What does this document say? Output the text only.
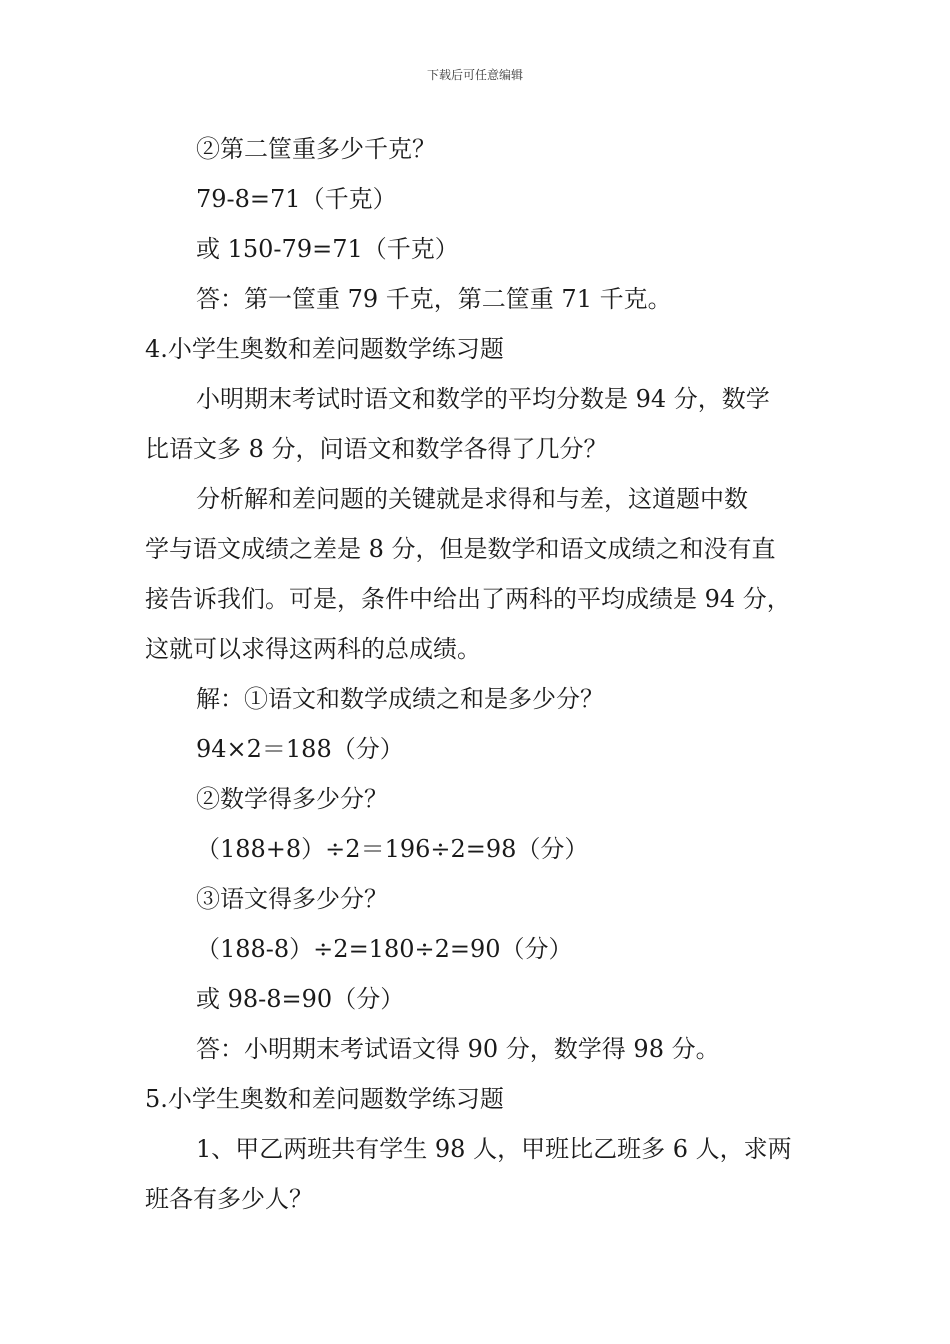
下载后可任意编辑
②第二筐重多少千克？
79-8=71（千克）
或 150-79=71（千克）
答：第一筐重 79 千克，第二筐重 71 千克。
4.小学生奥数和差问题数学练习题
小明期末考试时语文和数学的平均分数是 94 分，数学
比语文多 8 分，问语文和数学各得了几分？
分析解和差问题的关键就是求得和与差，这道题中数
学与语文成绩之差是 8 分，但是数学和语文成绩之和没有直
接告诉我们。可是，条件中给出了两科的平均成绩是 94 分，
这就可以求得这两科的总成绩。
解：①语文和数学成绩之和是多少分？
94×2＝188（分）
②数学得多少分？
（188+8）÷2＝196÷2=98（分）
③语文得多少分？
（188-8）÷2=180÷2=90（分）
或 98-8=90（分）
答：小明期末考试语文得 90 分，数学得 98 分。
5.小学生奥数和差问题数学练习题
1、甲乙两班共有学生 98 人，甲班比乙班多 6 人，求两
班各有多少人？
